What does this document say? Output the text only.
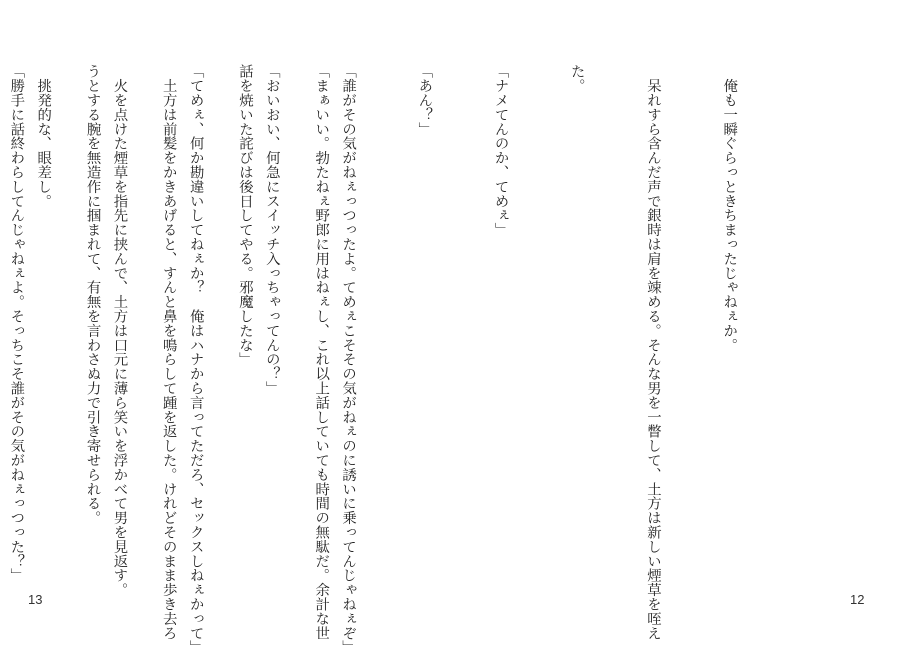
「まぁいい。勃たねぇ野郎に用はねぇし、これ以上話していても時間の無駄だ。余計な世

話を焼いた詫びは後日してやる。邪魔したな」

　土方は前髪をかきあげると、すんと鼻を鳴らして踵を返した。けれどそのまま歩き去ろ

うとする腕を無造作に掴まれて、有無を言わさぬ力で引き寄せられる。

「勝手に話終わらしてんじゃねぇよ。そっちこそ誰がその気がねぇっつった？」

13

　俺も一瞬ぐらっときちまったじゃねぇか。

　呆れすら含んだ声で銀時は肩を竦める。そんな男を一瞥して、土方は新しい煙草を咥え

た。

「ナメてんのか、てめぇ」

「あん？」

「誰がその気がねぇっつったよ。てめぇこそその気がねぇのに誘いに乗ってんじゃねぇぞ」

「おいおい、何急にスイッチ入っちゃってんの？」

「てめぇ、何か勘違いしてねぇか？　俺はハナから言ってただろ、セックスしねぇかって」

　火を点けた煙草を指先に挟んで、土方は口元に薄ら笑いを浮かべて男を見返す。

　挑発的な、眼差し。

12
